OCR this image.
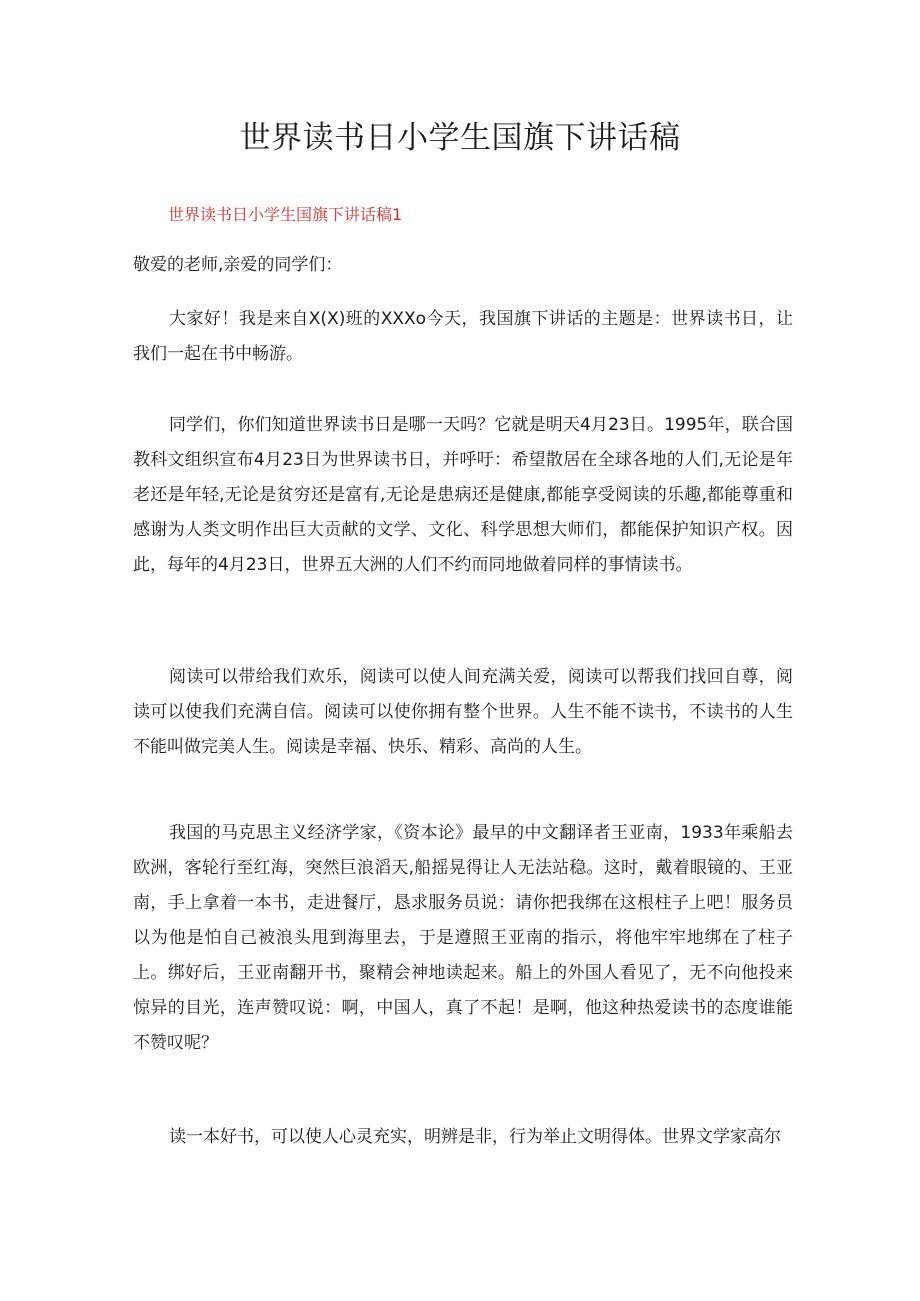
世界读书日小学生国旗下讲话稿

世界读书日小学生国旗下讲话稿1

敬爱的老师,亲爱的同学们：

大家好！我是来自X(X)班的XXXo今天，我国旗下讲话的主题是：世界读书日，让我们一起在书中畅游。

同学们，你们知道世界读书日是哪一天吗？它就是明天4月23日。1995年，联合国教科文组织宣布4月23日为世界读书日，并呼吁：希望散居在全球各地的人们,无论是年老还是年轻,无论是贫穷还是富有,无论是患病还是健康,都能享受阅读的乐趣,都能尊重和感谢为人类文明作出巨大贡献的文学、文化、科学思想大师们，都能保护知识产权。因此，每年的4月23日，世界五大洲的人们不约而同地做着同样的事情读书。

阅读可以带给我们欢乐，阅读可以使人间充满关爱，阅读可以帮我们找回自尊，阅读可以使我们充满自信。阅读可以使你拥有整个世界。人生不能不读书，不读书的人生不能叫做完美人生。阅读是幸福、快乐、精彩、高尚的人生。

我国的马克思主义经济学家，《资本论》最早的中文翻译者王亚南，1933年乘船去欧洲，客轮行至红海，突然巨浪滔天,船摇晃得让人无法站稳。这时，戴着眼镜的、王亚南，手上拿着一本书，走进餐厅，恳求服务员说：请你把我绑在这根柱子上吧！服务员以为他是怕自己被浪头甩到海里去，于是遵照王亚南的指示，将他牢牢地绑在了柱子上。绑好后，王亚南翻开书，聚精会神地读起来。船上的外国人看见了，无不向他投来惊异的目光，连声赞叹说：啊，中国人，真了不起！是啊，他这种热爱读书的态度谁能不赞叹呢？

读一本好书，可以使人心灵充实，明辨是非，行为举止文明得体。世界文学家高尔
